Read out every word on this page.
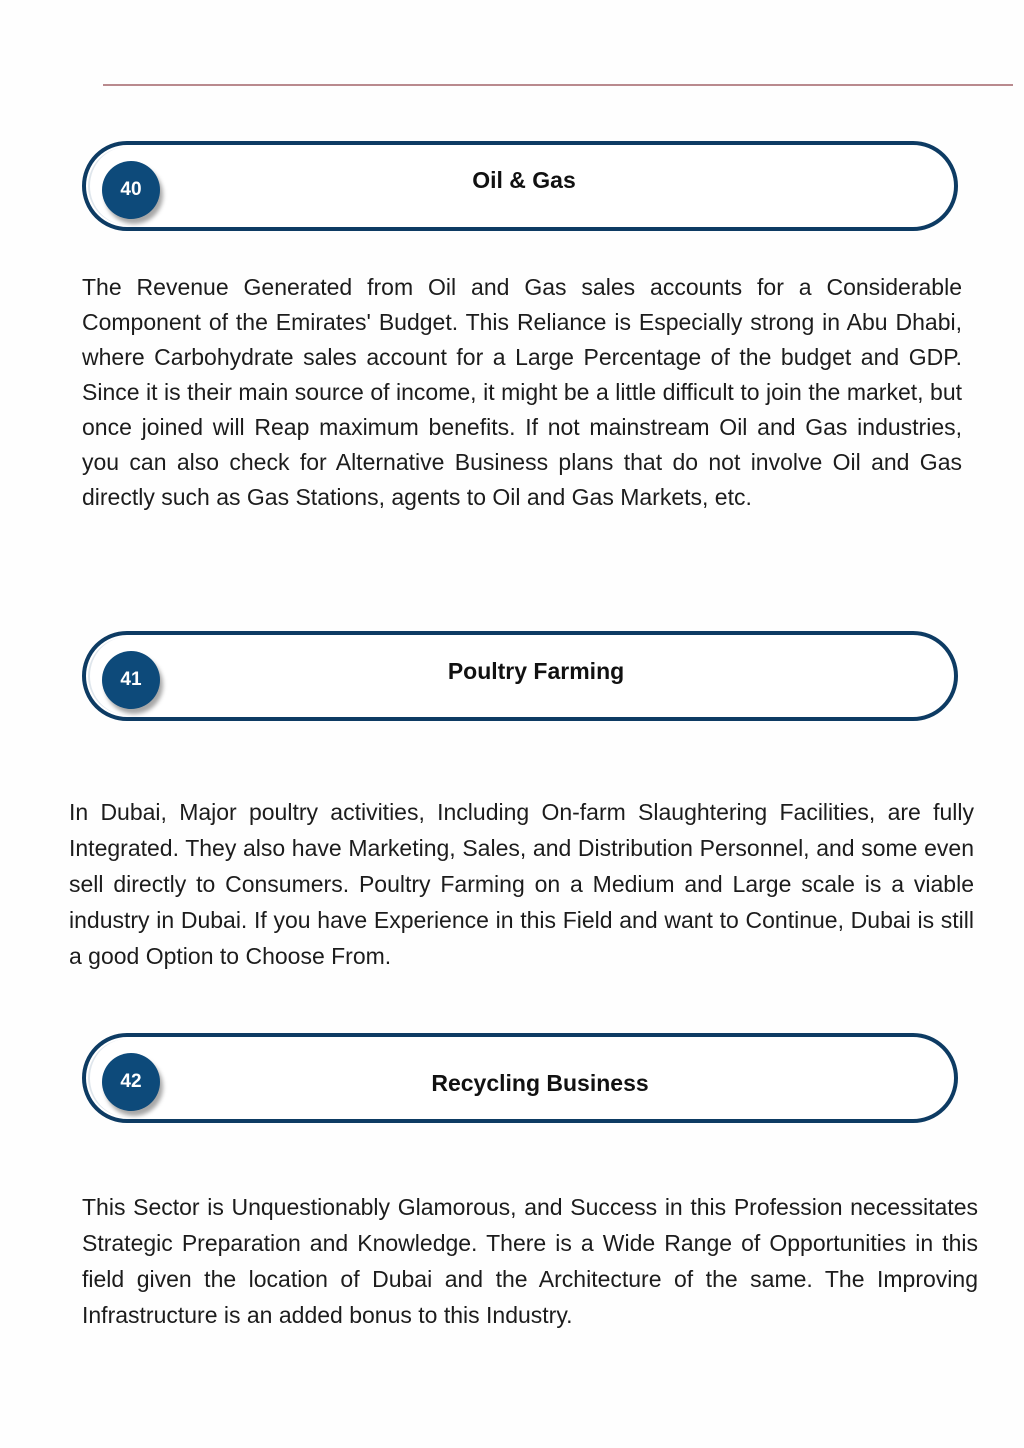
40	Oil & Gas

The Revenue Generated from Oil and Gas sales accounts for a Considerable Component of the Emirates' Budget. This Reliance is Especially strong in Abu Dhabi, where Carbohydrate sales account for a Large Percentage of the budget and GDP. Since it is their main source of income, it might be a little difficult to join the market, but once joined will Reap maximum benefits. If not mainstream Oil and Gas industries, you can also check for Alternative Business plans that do not involve Oil and Gas directly such as Gas Stations, agents to Oil and Gas Markets, etc.

41	Poultry Farming

In Dubai, Major poultry activities, Including On-farm Slaughtering Facilities, are fully Integrated. They also have Marketing, Sales, and Distribution Personnel, and some even sell directly to Consumers. Poultry Farming on a Medium and Large scale is a viable industry in Dubai. If you have Experience in this Field and want to Continue, Dubai is still a good Option to Choose From.

42	Recycling Business

This Sector is Unquestionably Glamorous, and Success in this Profession necessitates Strategic Preparation and Knowledge. There is a Wide Range of Opportunities in this field given the location of Dubai and the Architecture of the same. The Improving Infrastructure is an added bonus to this Industry.
